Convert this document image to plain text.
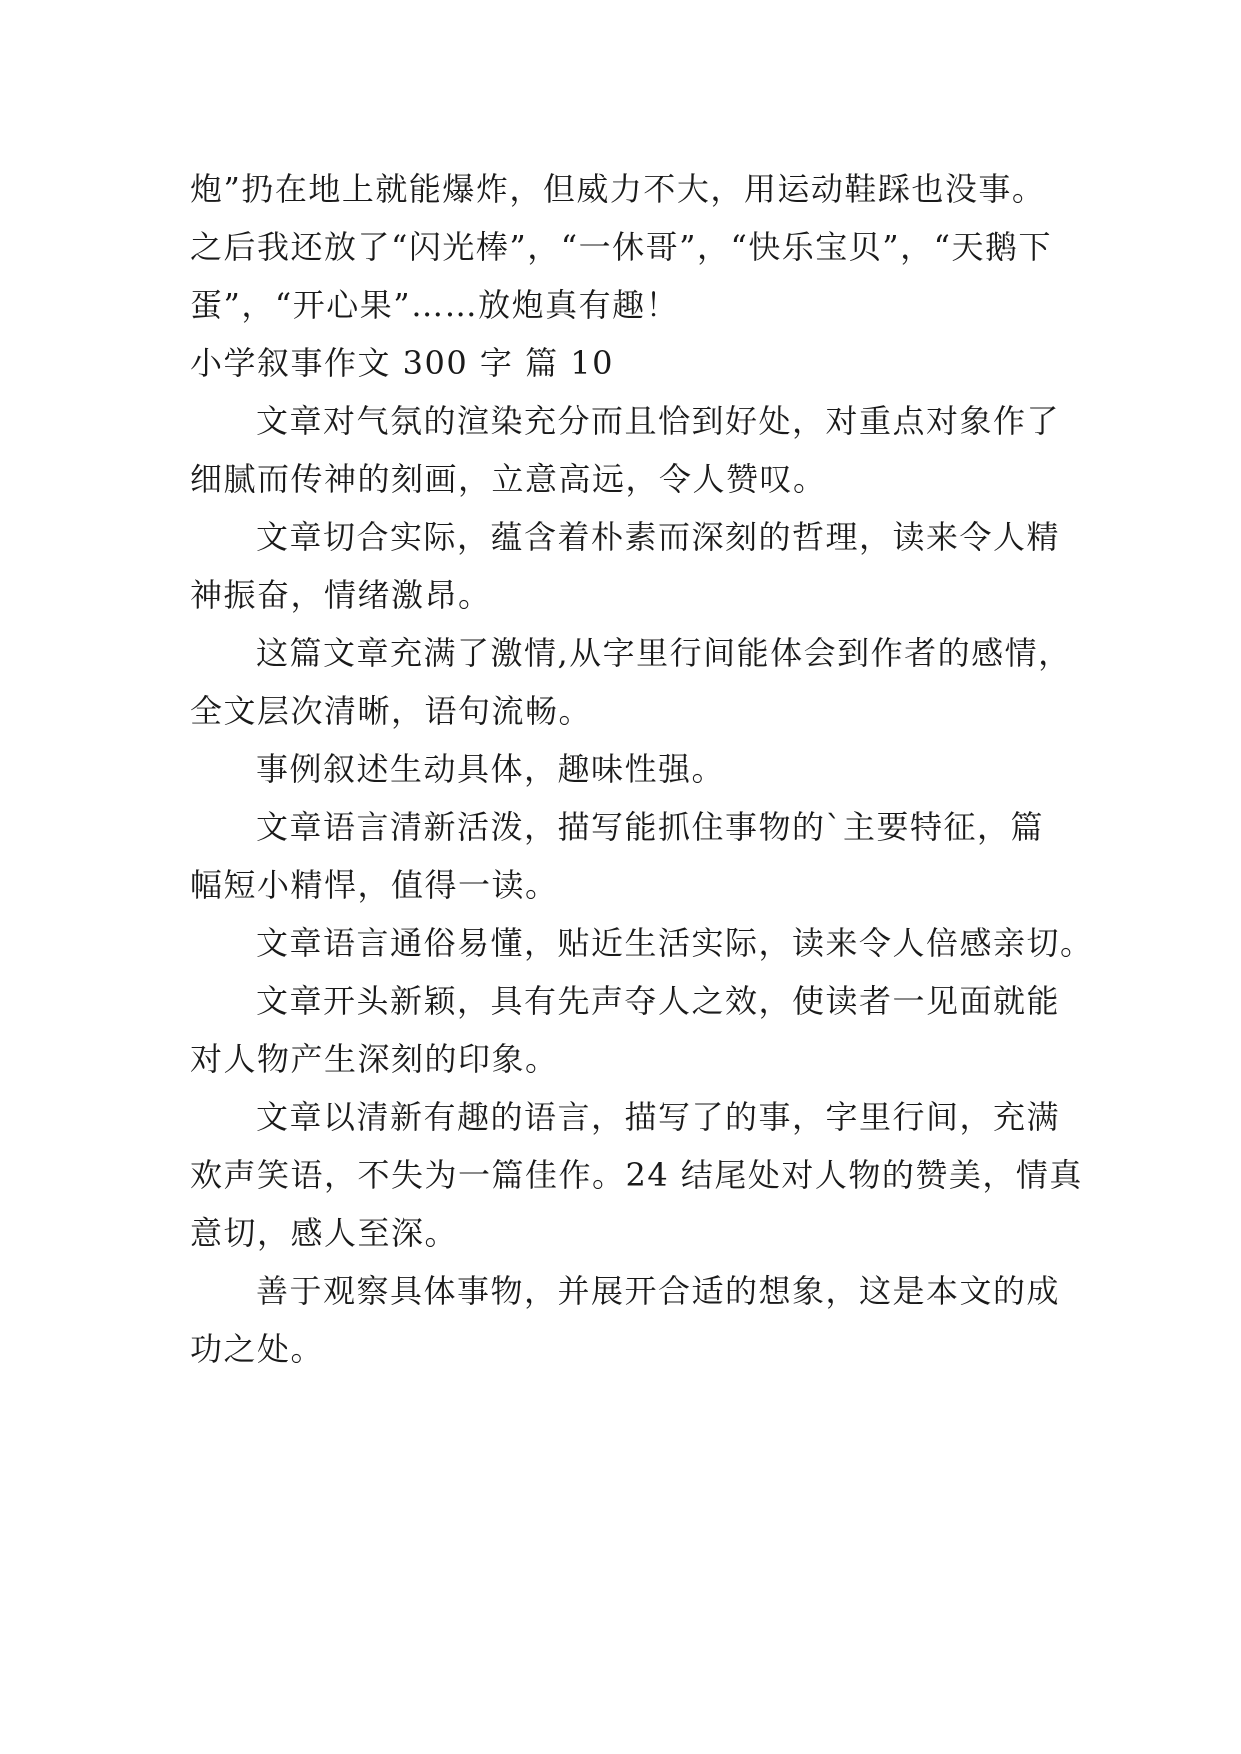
炮”扔在地上就能爆炸，但威力不大，用运动鞋踩也没事。
之后我还放了“闪光棒”，“一休哥”，“快乐宝贝”，“天鹅下
蛋”，“开心果”……放炮真有趣！
小学叙事作文 300 字 篇 10
文章对气氛的渲染充分而且恰到好处，对重点对象作了
细腻而传神的刻画，立意高远，令人赞叹。
文章切合实际，蕴含着朴素而深刻的哲理，读来令人精
神振奋，情绪激昂。
这篇文章充满了激情,从字里行间能体会到作者的感情，
全文层次清晰，语句流畅。
事例叙述生动具体，趣味性强。
文章语言清新活泼，描写能抓住事物的`主要特征，篇
幅短小精悍，值得一读。
文章语言通俗易懂，贴近生活实际，读来令人倍感亲切。
文章开头新颖，具有先声夺人之效，使读者一见面就能
对人物产生深刻的印象。
文章以清新有趣的语言，描写了的事，字里行间，充满
欢声笑语，不失为一篇佳作。24 结尾处对人物的赞美，情真
意切，感人至深。
善于观察具体事物，并展开合适的想象，这是本文的成
功之处。
